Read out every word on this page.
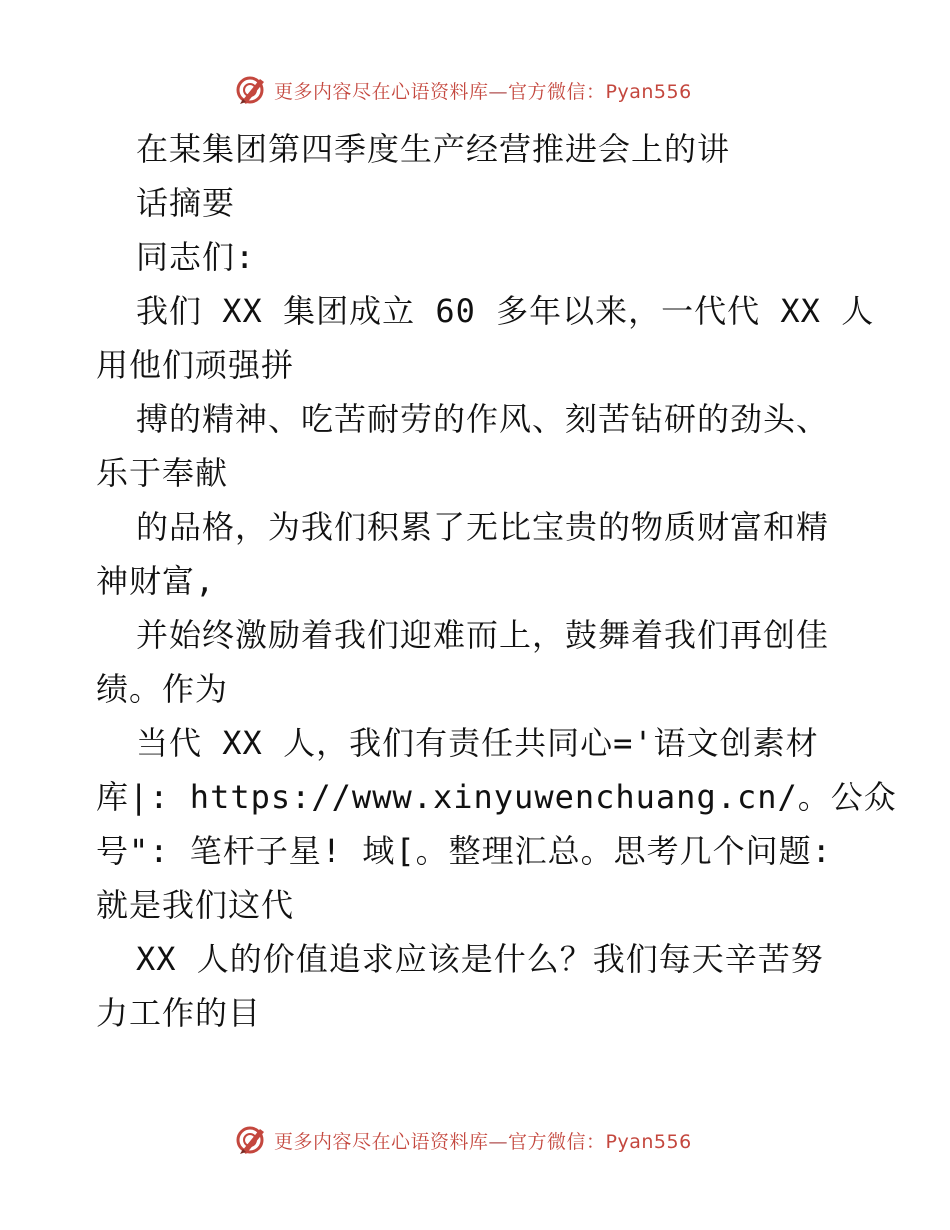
更多内容尽在心语资料库—官方微信：Pyan556
在某集团第四季度生产经营推进会上的讲
话摘要
同志们:
我们 XX 集团成立 60 多年以来，一代代 XX 人
用他们顽强拼
搏的精神、吃苦耐劳的作风、刻苦钻研的劲头、
乐于奉献
的品格，为我们积累了无比宝贵的物质财富和精
神财富,
并始终激励着我们迎难而上，鼓舞着我们再创佳
绩。作为
当代 XX 人，我们有责任共同心='语文创素材
库|: https://www.xinyuwenchuang.cn/。公众
号": 笔杆子星! 域[。整理汇总。思考几个问题:
就是我们这代
XX 人的价值追求应该是什么？我们每天辛苦努
力工作的目
更多内容尽在心语资料库—官方微信：Pyan556
